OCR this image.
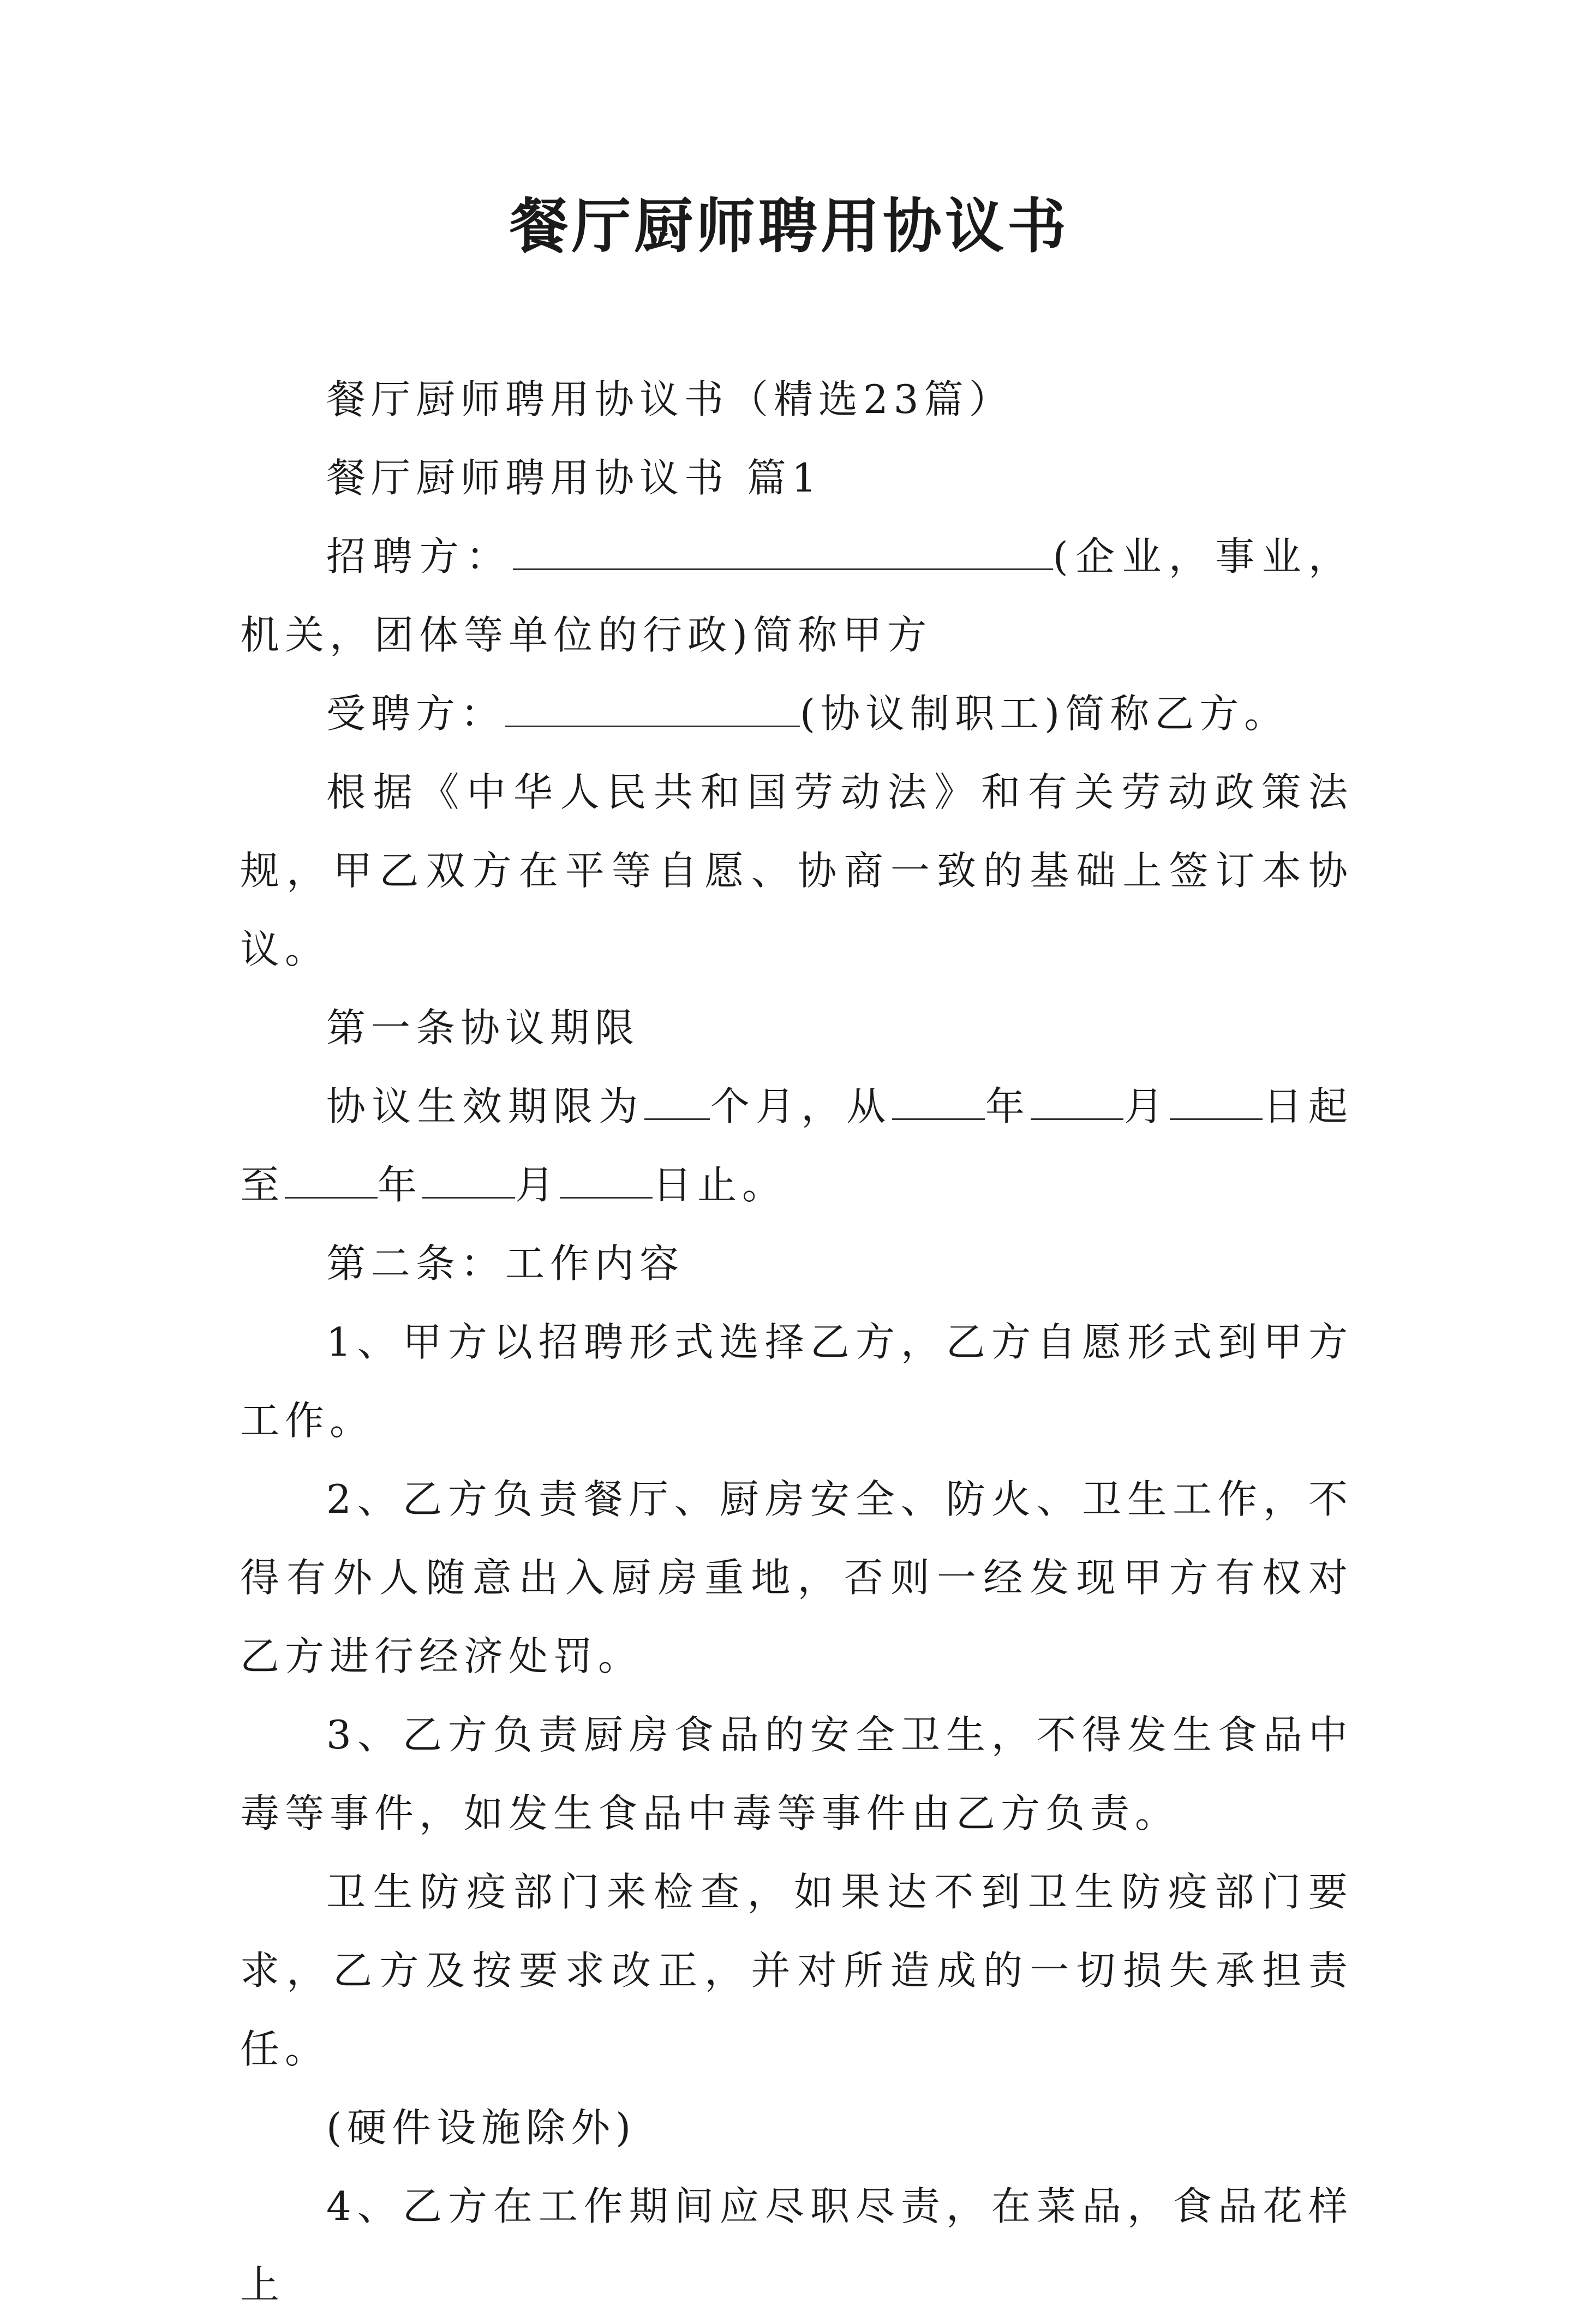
餐厅厨师聘用协议书

餐厅厨师聘用协议书（精选23篇）

餐厅厨师聘用协议书 篇1

招聘方：	(企业，事业，机关，团体等单位的行政)简称甲方

受聘方：	(协议制职工)简称乙方。

根据《中华人民共和国劳动法》和有关劳动政策法规，甲乙双方在平等自愿、协商一致的基础上签订本协议。

第一条协议期限

协议生效期限为 个月，从 年 月 日起至 年 月 日止。

第二条：工作内容

1、甲方以招聘形式选择乙方，乙方自愿形式到甲方工作。

2、乙方负责餐厅、厨房安全、防火、卫生工作，不得有外人随意出入厨房重地，否则一经发现甲方有权对乙方进行经济处罚。

3、乙方负责厨房食品的安全卫生，不得发生食品中毒等事件，如发生食品中毒等事件由乙方负责。

卫生防疫部门来检查，如果达不到卫生防疫部门要求，乙方及按要求改正，并对所造成的一切损失承担责任。

(硬件设施除外)

4、乙方在工作期间应尽职尽责，在菜品，食品花样上
